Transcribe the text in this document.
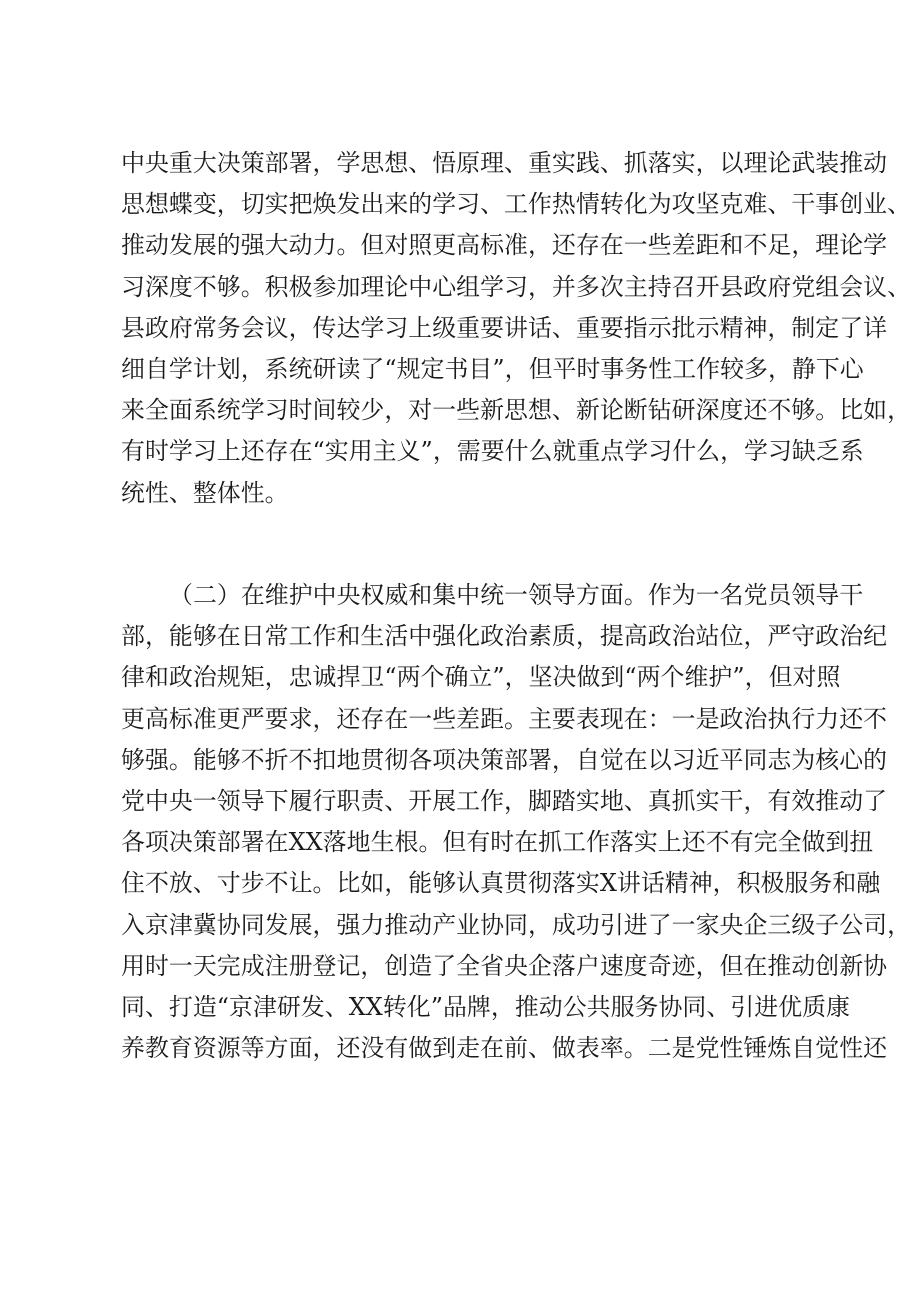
中央重大决策部署，学思想、悟原理、重实践、抓落实，以理论武装推动
思想蝶变，切实把焕发出来的学习、工作热情转化为攻坚克难、干事创业、
推动发展的强大动力。但对照更高标准，还存在一些差距和不足，理论学
习深度不够。积极参加理论中心组学习，并多次主持召开县政府党组会议、
县政府常务会议，传达学习上级重要讲话、重要指示批示精神，制定了详
细自学计划，系统研读了“规定书目”，但平时事务性工作较多，静下心
来全面系统学习时间较少，对一些新思想、新论断钻研深度还不够。比如，
有时学习上还存在“实用主义”，需要什么就重点学习什么，学习缺乏系
统性、整体性。
（二）在维护中央权威和集中统一领导方面。作为一名党员领导干
部，能够在日常工作和生活中强化政治素质，提高政治站位，严守政治纪
律和政治规矩，忠诚捍卫“两个确立”，坚决做到“两个维护”，但对照
更高标准更严要求，还存在一些差距。主要表现在：一是政治执行力还不
够强。能够不折不扣地贯彻各项决策部署，自觉在以习近平同志为核心的
党中央一领导下履行职责、开展工作，脚踏实地、真抓实干，有效推动了
各项决策部署在XX落地生根。但有时在抓工作落实上还不有完全做到扭
住不放、寸步不让。比如，能够认真贯彻落实X讲话精神，积极服务和融
入京津冀协同发展，强力推动产业协同，成功引进了一家央企三级子公司，
用时一天完成注册登记，创造了全省央企落户速度奇迹，但在推动创新协
同、打造“京津研发、XX转化”品牌，推动公共服务协同、引进优质康
养教育资源等方面，还没有做到走在前、做表率。二是党性锤炼自觉性还
